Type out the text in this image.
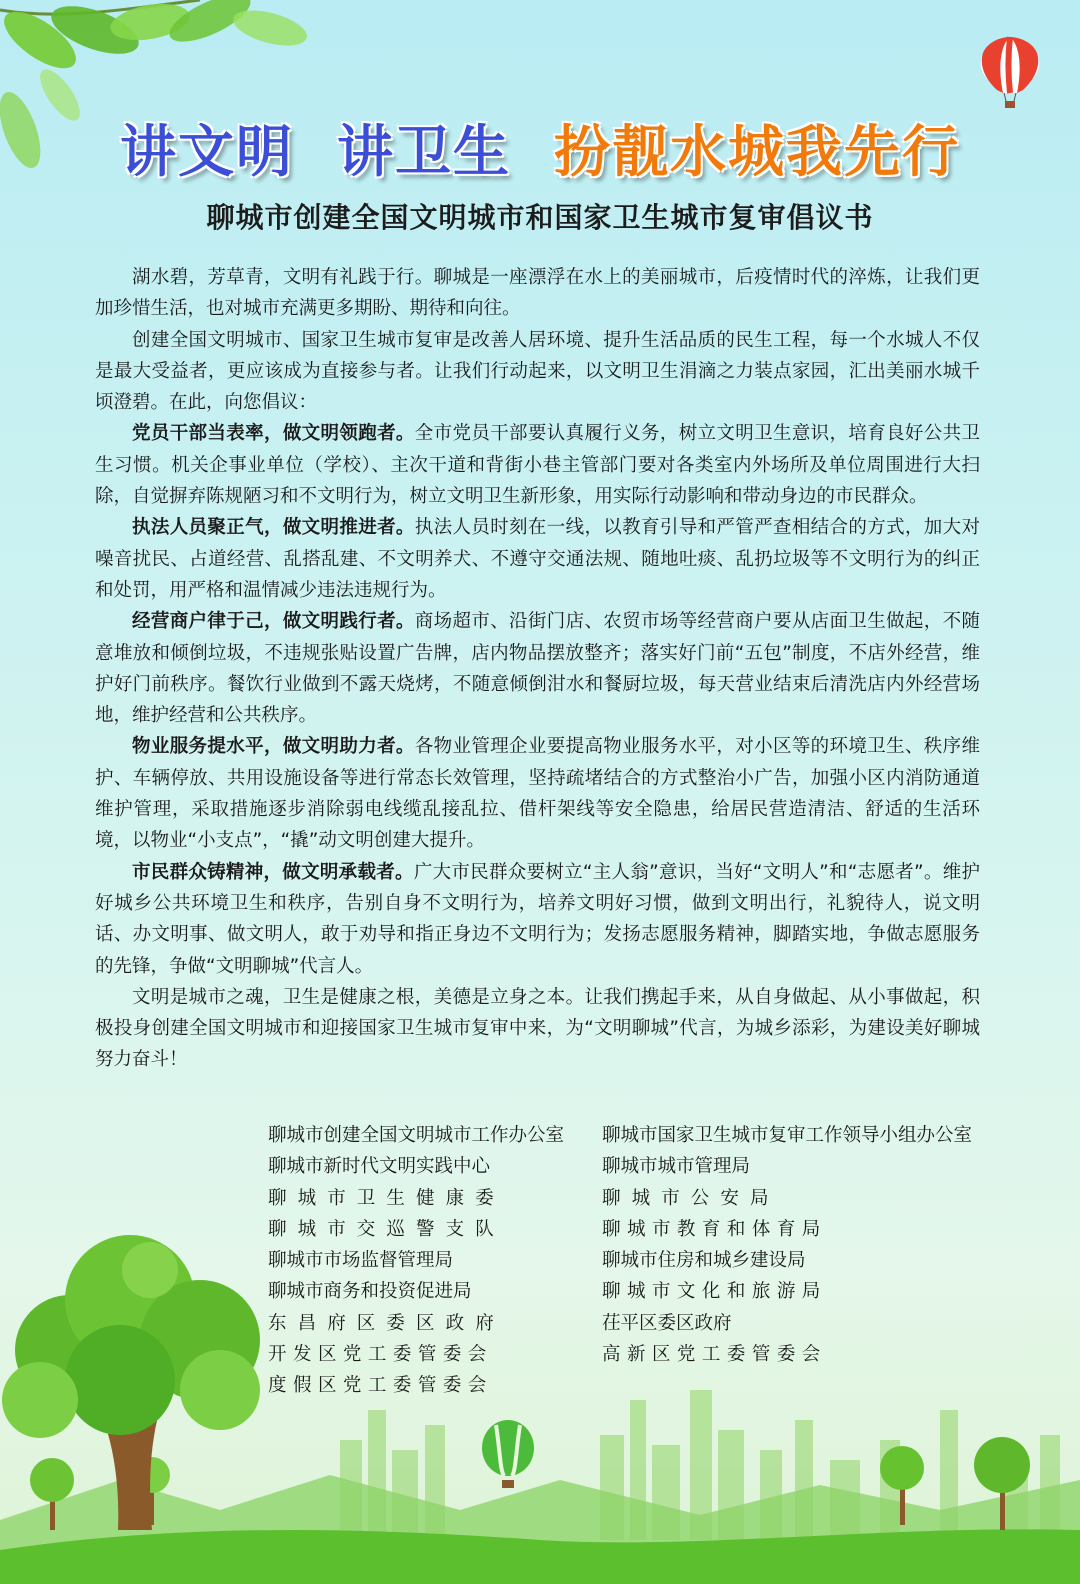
讲文明 讲卫生 扮靓水城我先行
聊城市创建全国文明城市和国家卫生城市复审倡议书

湖水碧，芳草青，文明有礼践于行。聊城是一座漂浮在水上的美丽城市，后疫情时代的淬炼，让我们更加珍惜生活，也对城市充满更多期盼、期待和向往。

创建全国文明城市、国家卫生城市复审是改善人居环境、提升生活品质的民生工程，每一个水城人不仅是最大受益者，更应该成为直接参与者。让我们行动起来，以文明卫生涓滴之力装点家园，汇出美丽水城千顷澄碧。在此，向您倡议：

党员干部当表率，做文明领跑者。全市党员干部要认真履行义务，树立文明卫生意识，培育良好公共卫生习惯。机关企事业单位（学校）、主次干道和背街小巷主管部门要对各类室内外场所及单位周围进行大扫除，自觉摒弃陈规陋习和不文明行为，树立文明卫生新形象，用实际行动影响和带动身边的市民群众。

执法人员聚正气，做文明推进者。执法人员时刻在一线，以教育引导和严管严查相结合的方式，加大对噪音扰民、占道经营、乱搭乱建、不文明养犬、不遵守交通法规、随地吐痰、乱扔垃圾等不文明行为的纠正和处罚，用严格和温情减少违法违规行为。

经营商户律于己，做文明践行者。商场超市、沿街门店、农贸市场等经营商户要从店面卫生做起，不随意堆放和倾倒垃圾，不违规张贴设置广告牌，店内物品摆放整齐；落实好门前“五包”制度，不店外经营，维护好门前秩序。餐饮行业做到不露天烧烤，不随意倾倒泔水和餐厨垃圾，每天营业结束后清洗店内外经营场地，维护经营和公共秩序。

物业服务提水平，做文明助力者。各物业管理企业要提高物业服务水平，对小区等的环境卫生、秩序维护、车辆停放、共用设施设备等进行常态长效管理，坚持疏堵结合的方式整治小广告，加强小区内消防通道维护管理，采取措施逐步消除弱电线缆乱接乱拉、借杆架线等安全隐患，给居民营造清洁、舒适的生活环境，以物业“小支点”，“撬”动文明创建大提升。

市民群众铸精神，做文明承载者。广大市民群众要树立“主人翁”意识，当好“文明人”和“志愿者”。维护好城乡公共环境卫生和秩序，告别自身不文明行为，培养文明好习惯，做到文明出行，礼貌待人，说文明话、办文明事、做文明人，敢于劝导和指正身边不文明行为；发扬志愿服务精神，脚踏实地，争做志愿服务的先锋，争做“文明聊城”代言人。

文明是城市之魂，卫生是健康之根，美德是立身之本。让我们携起手来，从自身做起、从小事做起，积极投身创建全国文明城市和迎接国家卫生城市复审中来，为“文明聊城”代言，为城乡添彩，为建设美好聊城努力奋斗！

聊城市创建全国文明城市工作办公室
聊城市新时代文明实践中心
聊城市卫生健康委
聊城市交巡警支队
聊城市市场监督管理局
聊城市商务和投资促进局
东昌府区委区政府
开发区党工委管委会
度假区党工委管委会
聊城市国家卫生城市复审工作领导小组办公室
聊城市城市管理局
聊城市公安局
聊城市教育和体育局
聊城市住房和城乡建设局
聊城市文化和旅游局
茌平区委区政府
高新区党工委管委会
